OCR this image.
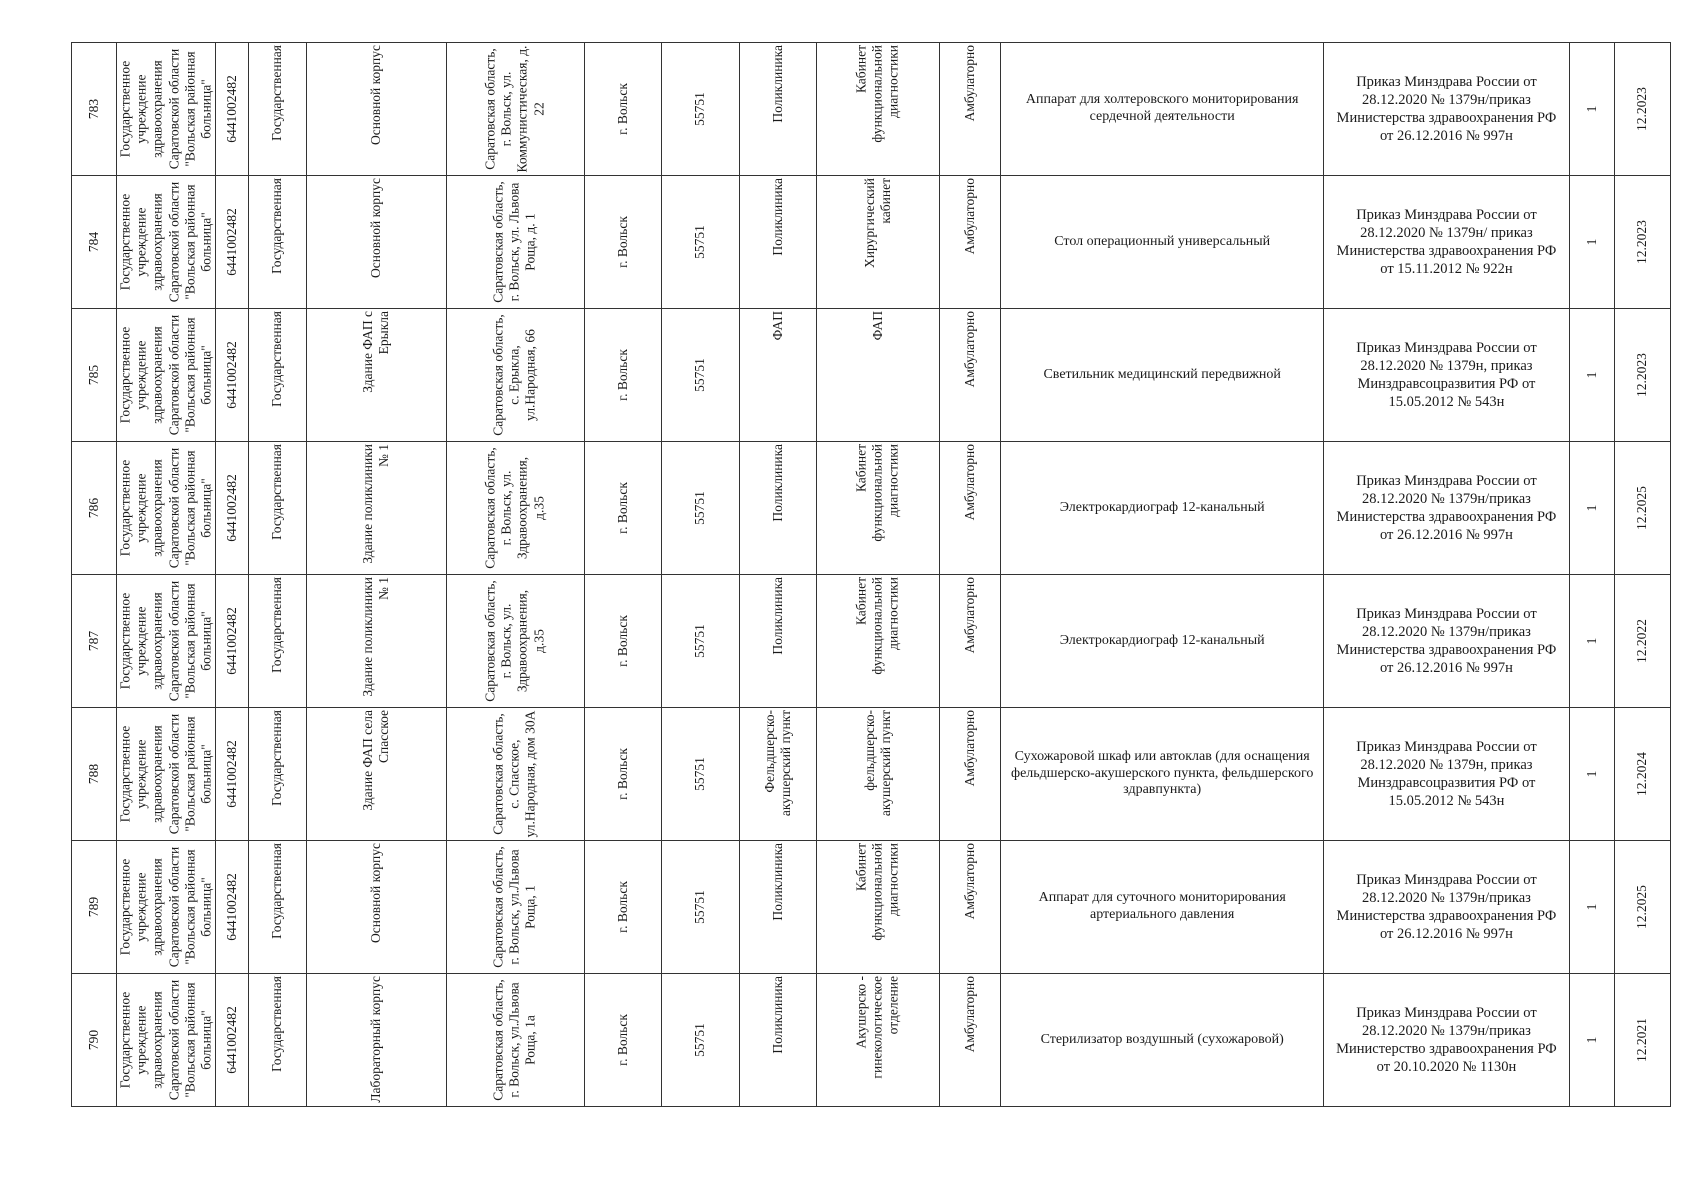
783	Государственное учреждение здравоохранения Саратовской области "Вольская районная больница"	6441002482	Государственная	Основной корпус	Саратовская область, г. Вольск, ул. Коммунистическая, д. 22	г. Вольск	55751	Поликлиника	Кабинет функциональной диагностики	Амбулаторно	Аппарат для холтеровского мониторирования сердечной деятельности	Приказ Минздрава России от 28.12.2020 № 1379н/приказ Министерства здравоохранения РФ от 26.12.2016 № 997н	1	12.2023

784	Государственное учреждение здравоохранения Саратовской области "Вольская районная больница"	6441002482	Государственная	Основной корпус	Саратовская область, г. Вольск, ул. Львова Роща, д. 1	г. Вольск	55751	Поликлиника	Хирургический кабинет	Амбулаторно	Стол операционный универсальный	Приказ Минздрава России от 28.12.2020 № 1379н/ приказ Министерства здравоохранения РФ от 15.11.2012 № 922н	1	12.2023

785	Государственное учреждение здравоохранения Саратовской области "Вольская районная больница"	6441002482	Государственная	Здание ФАП с Ерыкла	Саратовская область, с. Ерыкла, ул.Народная, 66	г. Вольск	55751	ФАП	ФАП	Амбулаторно	Светильник медицинский передвижной	Приказ Минздрава России от 28.12.2020 № 1379н, приказ Минздравсоцразвития РФ от 15.05.2012 № 543н	1	12.2023

786	Государственное учреждение здравоохранения Саратовской области "Вольская районная больница"	6441002482	Государственная	Здание поликлиники № 1	Саратовская область, г. Вольск, ул. Здравоохранения, д.35	г. Вольск	55751	Поликлиника	Кабинет функциональной диагностики	Амбулаторно	Электрокардиограф 12-канальный	Приказ Минздрава России от 28.12.2020 № 1379н/приказ Министерства здравоохранения РФ от 26.12.2016 № 997н	1	12.2025

787	Государственное учреждение здравоохранения Саратовской области "Вольская районная больница"	6441002482	Государственная	Здание поликлиники № 1	Саратовская область, г. Вольск, ул. Здравоохранения, д.35	г. Вольск	55751	Поликлиника	Кабинет функциональной диагностики	Амбулаторно	Электрокардиограф 12-канальный	Приказ Минздрава России от 28.12.2020 № 1379н/приказ Министерства здравоохранения РФ от 26.12.2016 № 997н	1	12.2022

788	Государственное учреждение здравоохранения Саратовской области "Вольская районная больница"	6441002482	Государственная	Здание ФАП села Спасское	Саратовская область, с. Спасское, ул.Народная, дом 30А	г. Вольск	55751	Фельдшерско-акушерский пункт	фельдшерско-акушерский пункт	Амбулаторно	Сухожаровой шкаф или автоклав (для оснащения фельдшерско-акушерского пункта, фельдшерского здравпункта)	Приказ Минздрава России от 28.12.2020 № 1379н, приказ Минздравсоцразвития РФ от 15.05.2012 № 543н	1	12.2024

789	Государственное учреждение здравоохранения Саратовской области "Вольская районная больница"	6441002482	Государственная	Основной корпус	Саратовская область, г. Вольск, ул.Львова Роща, 1	г. Вольск	55751	Поликлиника	Кабинет функциональной диагностики	Амбулаторно	Аппарат для суточного мониторирования артериального давления	Приказ Минздрава России от 28.12.2020 № 1379н/приказ Министерства здравоохранения РФ от 26.12.2016 № 997н	1	12.2025

790	Государственное учреждение здравоохранения Саратовской области "Вольская районная больница"	6441002482	Государственная	Лабораторный корпус	Саратовская область, г. Вольск, ул.Львова Роща, 1а	г. Вольск	55751	Поликлиника	Акушерско - гинекологическое отделение	Амбулаторно	Стерилизатор воздушный (сухожаровой)	Приказ Минздрава России от 28.12.2020 № 1379н/приказ Министерство здравоохранения РФ от 20.10.2020 № 1130н	1	12.2021
